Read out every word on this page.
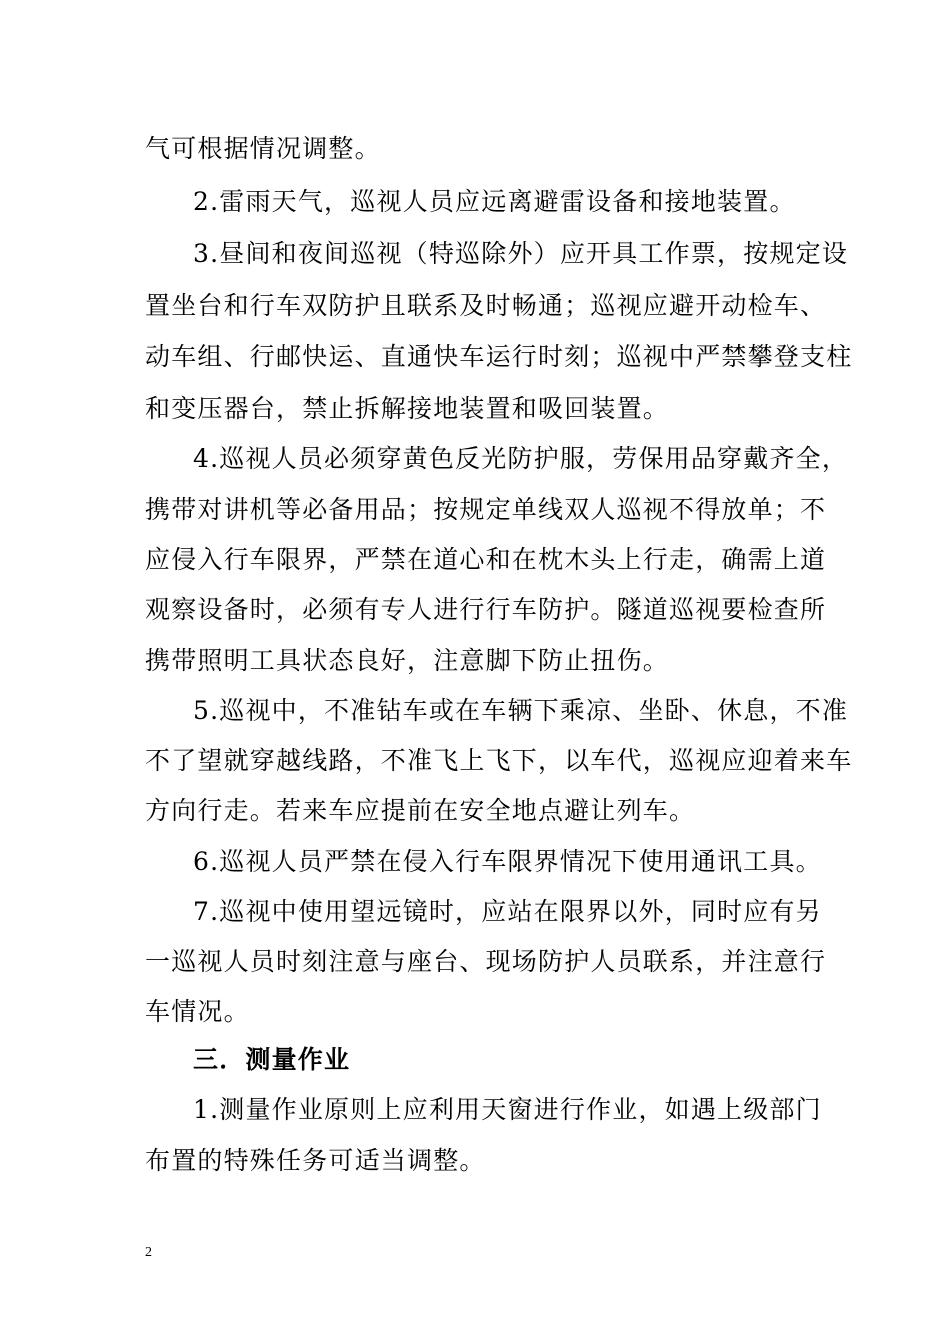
气可根据情况调整。
2.雷雨天气，巡视人员应远离避雷设备和接地装置。
3.昼间和夜间巡视（特巡除外）应开具工作票，按规定设
置坐台和行车双防护且联系及时畅通；巡视应避开动检车、
动车组、行邮快运、直通快车运行时刻；巡视中严禁攀登支柱
和变压器台，禁止拆解接地装置和吸回装置。
4.巡视人员必须穿黄色反光防护服，劳保用品穿戴齐全，
携带对讲机等必备用品；按规定单线双人巡视不得放单；不
应侵入行车限界，严禁在道心和在枕木头上行走，确需上道
观察设备时，必须有专人进行行车防护。隧道巡视要检查所
携带照明工具状态良好，注意脚下防止扭伤。
5.巡视中，不准钻车或在车辆下乘凉、坐卧、休息，不准
不了望就穿越线路，不准飞上飞下，以车代，巡视应迎着来车
方向行走。若来车应提前在安全地点避让列车。
6.巡视人员严禁在侵入行车限界情况下使用通讯工具。
7.巡视中使用望远镜时，应站在限界以外，同时应有另
一巡视人员时刻注意与座台、现场防护人员联系，并注意行
车情况。
三．测量作业
1.测量作业原则上应利用天窗进行作业，如遇上级部门
布置的特殊任务可适当调整。
2
